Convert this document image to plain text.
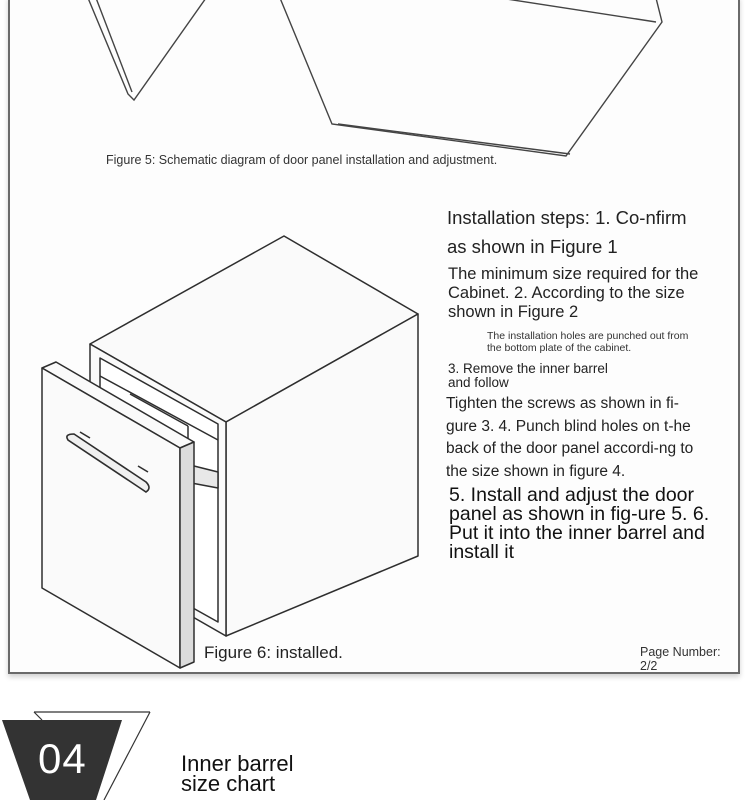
Figure 5: Schematic diagram of door panel installation and adjustment.
Installation steps: 1. Co-nfirm as shown in Figure 1
The minimum size required for the Cabinet. 2. According to the size shown in Figure 2
The installation holes are punched out from the bottom plate of the cabinet.
3. Remove the inner barrel and follow
Tighten the screws as shown in fi-gure 3. 4. Punch blind holes on t-he back of the door panel accordi-ng to the size shown in figure 4.
5. Install and adjust the door panel as shown in fig-ure 5. 6. Put it into the inner barrel and install it
Figure 6: installed.	Page Number: 2/2
04	Inner barrel size chart
